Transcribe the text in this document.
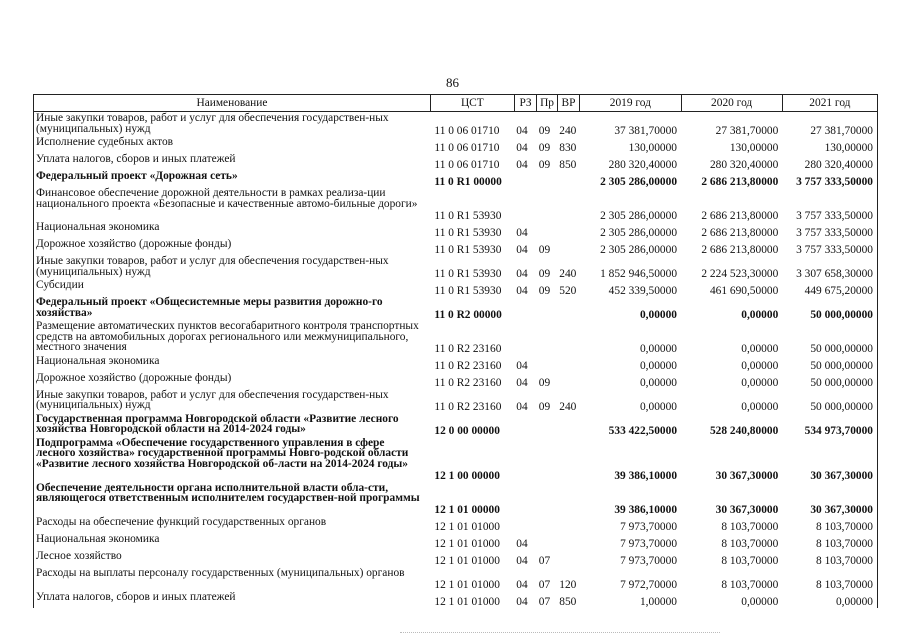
86
Наименование	ЦСТ	РЗ	Пр	ВР	2019 год	2020 год	2021 год
Иные закупки товаров, работ и услуг для обеспечения государствен-ных (муниципальных) нужд	11 0 06 01710	04	09	240	37 381,70000	27 381,70000	27 381,70000
Исполнение судебных актов	11 0 06 01710	04	09	830	130,00000	130,00000	130,00000
Уплата налогов, сборов и иных платежей	11 0 06 01710	04	09	850	280 320,40000	280 320,40000	280 320,40000
Федеральный проект «Дорожная сеть»	11 0 R1 00000				2 305 286,00000	2 686 213,80000	3 757 333,50000
Финансовое обеспечение дорожной деятельности в рамках реализа-ции национального проекта «Безопасные и качественные автомо-бильные дороги»	11 0 R1 53930				2 305 286,00000	2 686 213,80000	3 757 333,50000
Национальная экономика	11 0 R1 53930	04			2 305 286,00000	2 686 213,80000	3 757 333,50000
Дорожное хозяйство (дорожные фонды)	11 0 R1 53930	04	09		2 305 286,00000	2 686 213,80000	3 757 333,50000
Иные закупки товаров, работ и услуг для обеспечения государствен-ных (муниципальных) нужд	11 0 R1 53930	04	09	240	1 852 946,50000	2 224 523,30000	3 307 658,30000
Субсидии	11 0 R1 53930	04	09	520	452 339,50000	461 690,50000	449 675,20000
Федеральный проект «Общесистемные меры развития дорожно-го хозяйства»	11 0 R2 00000				0,00000	0,00000	50 000,00000
Размещение автоматических пунктов весогабаритного контроля транспортных средств на автомобильных дорогах регионального или межмуниципального, местного значения	11 0 R2 23160				0,00000	0,00000	50 000,00000
Национальная экономика	11 0 R2 23160	04			0,00000	0,00000	50 000,00000
Дорожное хозяйство (дорожные фонды)	11 0 R2 23160	04	09		0,00000	0,00000	50 000,00000
Иные закупки товаров, работ и услуг для обеспечения государствен-ных (муниципальных) нужд	11 0 R2 23160	04	09	240	0,00000	0,00000	50 000,00000
Государственная программа Новгородской области «Развитие лесного хозяйства Новгородской области на 2014-2024 годы»	12 0 00 00000				533 422,50000	528 240,80000	534 973,70000
Подпрограмма «Обеспечение государственного управления в сфере лесного хозяйства» государственной программы Новго-родской области «Развитие лесного хозяйства Новгородской об-ласти на 2014-2024 годы»	12 1 00 00000				39 386,10000	30 367,30000	30 367,30000
Обеспечение деятельности органа исполнительной власти обла-сти, являющегося ответственным исполнителем государствен-ной программы	12 1 01 00000				39 386,10000	30 367,30000	30 367,30000
Расходы на обеспечение функций государственных органов	12 1 01 01000				7 973,70000	8 103,70000	8 103,70000
Национальная экономика	12 1 01 01000	04			7 973,70000	8 103,70000	8 103,70000
Лесное хозяйство	12 1 01 01000	04	07		7 973,70000	8 103,70000	8 103,70000
Расходы на выплаты персоналу государственных (муниципальных) органов	12 1 01 01000	04	07	120	7 972,70000	8 103,70000	8 103,70000
Уплата налогов, сборов и иных платежей	12 1 01 01000	04	07	850	1,00000	0,00000	0,00000
